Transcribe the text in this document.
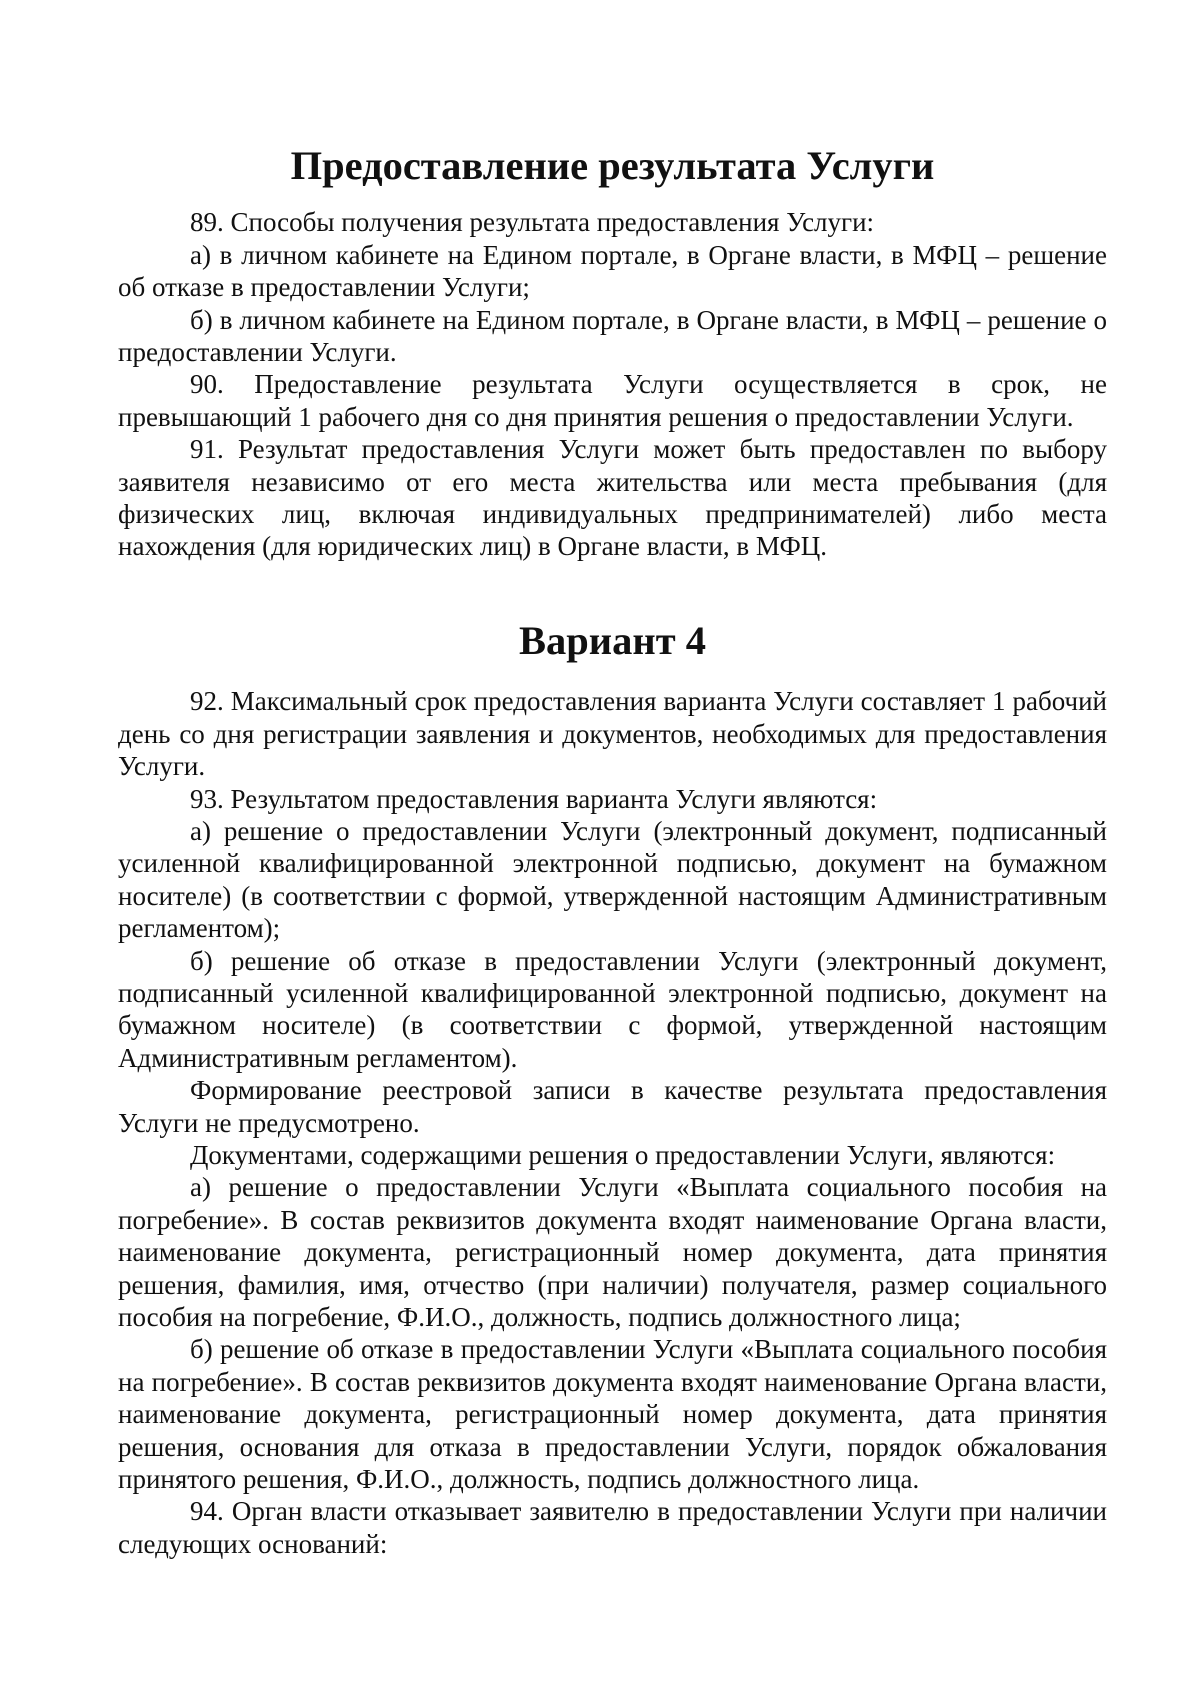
Предоставление результата Услуги

89. Способы получения результата предоставления Услуги:

а) в личном кабинете на Едином портале, в Органе власти, в МФЦ – решение об отказе в предоставлении Услуги;

б) в личном кабинете на Едином портале, в Органе власти, в МФЦ – решение о предоставлении Услуги.

90. Предоставление результата Услуги осуществляется в срок, не превышающий 1 рабочего дня со дня принятия решения о предоставлении Услуги.

91. Результат предоставления Услуги может быть предоставлен по выбору заявителя независимо от его места жительства или места пребывания (для физических лиц, включая индивидуальных предпринимателей) либо места нахождения (для юридических лиц) в Органе власти, в МФЦ.

Вариант 4

92. Максимальный срок предоставления варианта Услуги составляет 1 рабочий день со дня регистрации заявления и документов, необходимых для предоставления Услуги.

93. Результатом предоставления варианта Услуги являются:

а) решение о предоставлении Услуги (электронный документ, подписанный усиленной квалифицированной электронной подписью, документ на бумажном носителе) (в соответствии с формой, утвержденной настоящим Административным регламентом);

б) решение об отказе в предоставлении Услуги (электронный документ, подписанный усиленной квалифицированной электронной подписью, документ на бумажном носителе) (в соответствии с формой, утвержденной настоящим Административным регламентом).

Формирование реестровой записи в качестве результата предоставления Услуги не предусмотрено.

Документами, содержащими решения о предоставлении Услуги, являются:

а) решение о предоставлении Услуги «Выплата социального пособия на погребение». В состав реквизитов документа входят наименование Органа власти, наименование документа, регистрационный номер документа, дата принятия решения, фамилия, имя, отчество (при наличии) получателя, размер социального пособия на погребение, Ф.И.О., должность, подпись должностного лица;

б) решение об отказе в предоставлении Услуги «Выплата социального пособия на погребение». В состав реквизитов документа входят наименование Органа власти, наименование документа, регистрационный номер документа, дата принятия решения, основания для отказа в предоставлении Услуги, порядок обжалования принятого решения, Ф.И.О., должность, подпись должностного лица.

94. Орган власти отказывает заявителю в предоставлении Услуги при наличии следующих оснований:
